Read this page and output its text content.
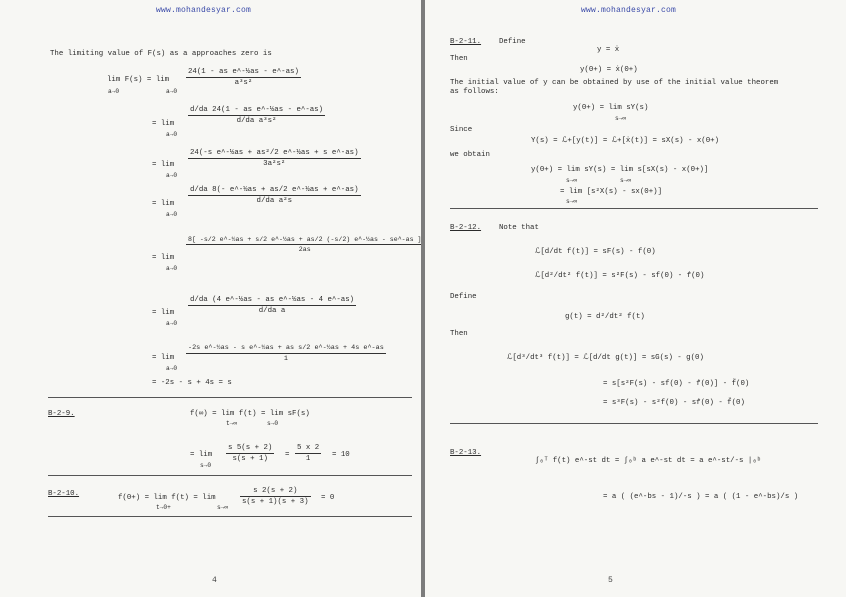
www.mohandesyar.com
The limiting value of F(s) as a approaches zero is
lim F(s) = lim
a→0	a→0
24(1 - as e^-½as - e^-as)
a³s²
= lim
a→0
d/da 24(1 - as e^-½as - e^-as)
d/da a³s²
= lim
a→0
24(-s e^-½as + as²/2 e^-½as + s e^-as)
3a²s²
= lim
a→0
d/da 8(- e^-½as + as/2 e^-½as + e^-as)
d/da a²s
= lim
a→0
8[ -s/2 e^-½as + s/2 e^-½as + as/2 (-s/2) e^-½as - se^-as ]
2as
= lim
a→0
d/da (4 e^-½as - as e^-½as - 4 e^-as)
d/da a
= lim
a→0
-2s e^-½as - s e^-½as + as s/2 e^-½as + 4s e^-as
1
= -2s - s + 4s = s
B-2-9.	f(∞) = lim f(t) = lim sF(s)
t→∞	s→0
= lim
s→0
s 5(s + 2)
s(s + 1) =
5 x 2
1	= 10
B-2-10.	f(0+) = lim f(t) = lim
t→0+	s→∞
s 2(s + 2)
s(s + 1)(s + 3) = 0
4
www.mohandesyar.com
B-2-11. Define
y = ẋ
Then
y(0+) = ẋ(0+)
The initial value of y can be obtained by use of the initial value theorem
as follows:
y(0+) = lim sY(s)
s→∞
Since
Y(s) = ℒ+[y(t)] = ℒ+[ẋ(t)] = sX(s) - x(0+)
we obtain
y(0+) = lim sY(s) = lim s[sX(s) - x(0+)]
s→∞	s→∞
= lim [s²X(s) - sx(0+)]
s→∞
B-2-12. Note that
ℒ[d/dt f(t)] = sF(s) - f(0)
ℒ[d²/dt² f(t)] = s²F(s) - sf(0) - ḟ(0)
Define
g(t) = d²/dt² f(t)
Then
ℒ[d³/dt³ f(t)] = ℒ[d/dt g(t)] = sG(s) - g(0)
= s[s²F(s) - sf(0) - ḟ(0)] - f̈(0)
= s³F(s) - s²f(0) - sḟ(0) - f̈(0)
B-2-13.
∫₀ᵀ f(t) e^-st dt = ∫₀ᵇ a e^-st dt = a e^-st/-s |₀ᵇ
= a ( (e^-bs - 1)/-s ) = a ( (1 - e^-bs)/s )
5
